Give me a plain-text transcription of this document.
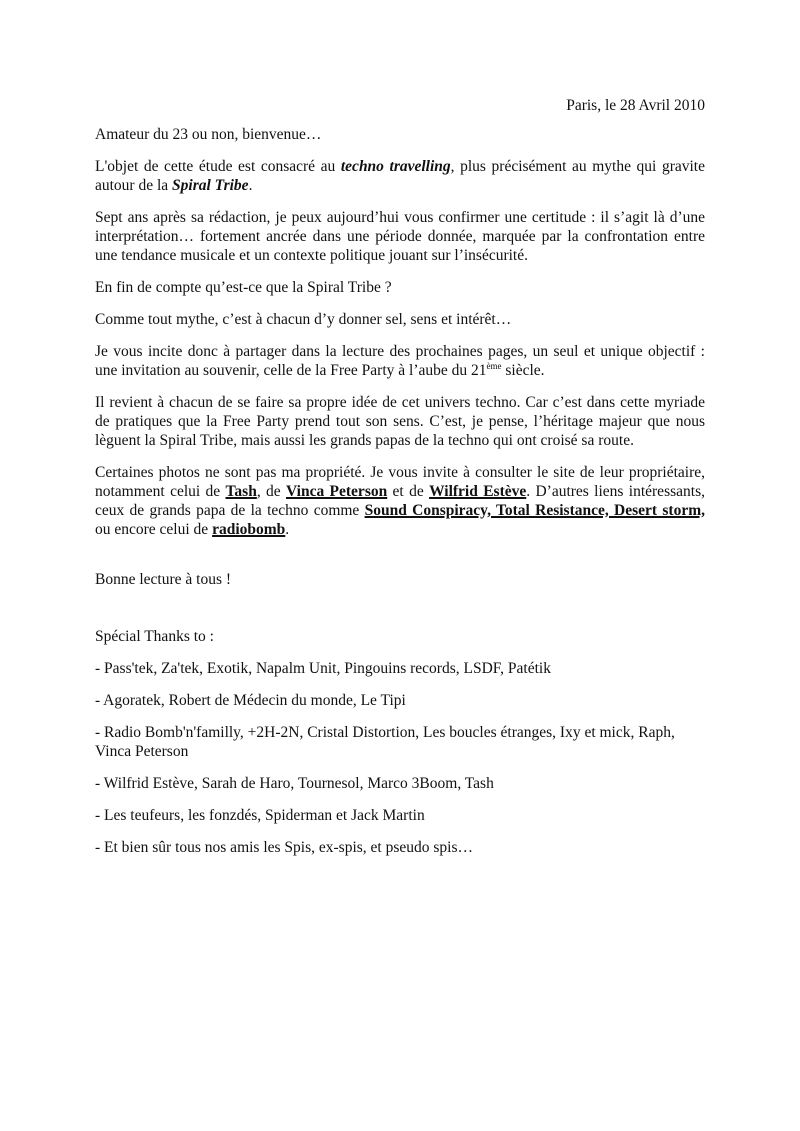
Paris, le 28 Avril 2010

Amateur du 23 ou non, bienvenue…

L'objet de cette étude est consacré au techno travelling, plus précisément au mythe qui gravite autour de la Spiral Tribe.

Sept ans après sa rédaction, je peux aujourd’hui vous confirmer une certitude : il s’agit là d’une interprétation… fortement ancrée dans une période donnée, marquée par la confrontation entre une tendance musicale et un contexte politique jouant sur l’insécurité.

En fin de compte qu’est-ce que la Spiral Tribe ?

Comme tout mythe, c’est à chacun d’y donner sel, sens et intérêt…

Je vous incite donc à partager dans la lecture des prochaines pages, un seul et unique objectif : une invitation au souvenir, celle de la Free Party à l’aube du 21ème siècle.

Il revient à chacun de se faire sa propre idée de cet univers techno. Car c’est dans cette myriade de pratiques que la Free Party prend tout son sens. C’est, je pense, l’héritage majeur que nous lèguent la Spiral Tribe, mais aussi les grands papas de la techno qui ont croisé sa route.

Certaines photos ne sont pas ma propriété. Je vous invite à consulter le site de leur propriétaire, notamment celui de Tash, de Vinca Peterson et de Wilfrid Estève. D’autres liens intéressants, ceux de grands papa de la techno comme Sound Conspiracy, Total Resistance, Desert storm, ou encore celui de radiobomb.

Bonne lecture à tous !

Spécial Thanks to :

- Pass'tek, Za'tek, Exotik, Napalm Unit, Pingouins records, LSDF, Patétik

- Agoratek, Robert de Médecin du monde, Le Tipi

- Radio Bomb'n'familly, +2H-2N, Cristal Distortion, Les boucles étranges, Ixy et mick, Raph, Vinca Peterson

- Wilfrid Estève, Sarah de Haro, Tournesol, Marco 3Boom, Tash

- Les teufeurs, les fonzdés, Spiderman et Jack Martin

- Et bien sûr tous nos amis les Spis, ex-spis, et pseudo spis…
